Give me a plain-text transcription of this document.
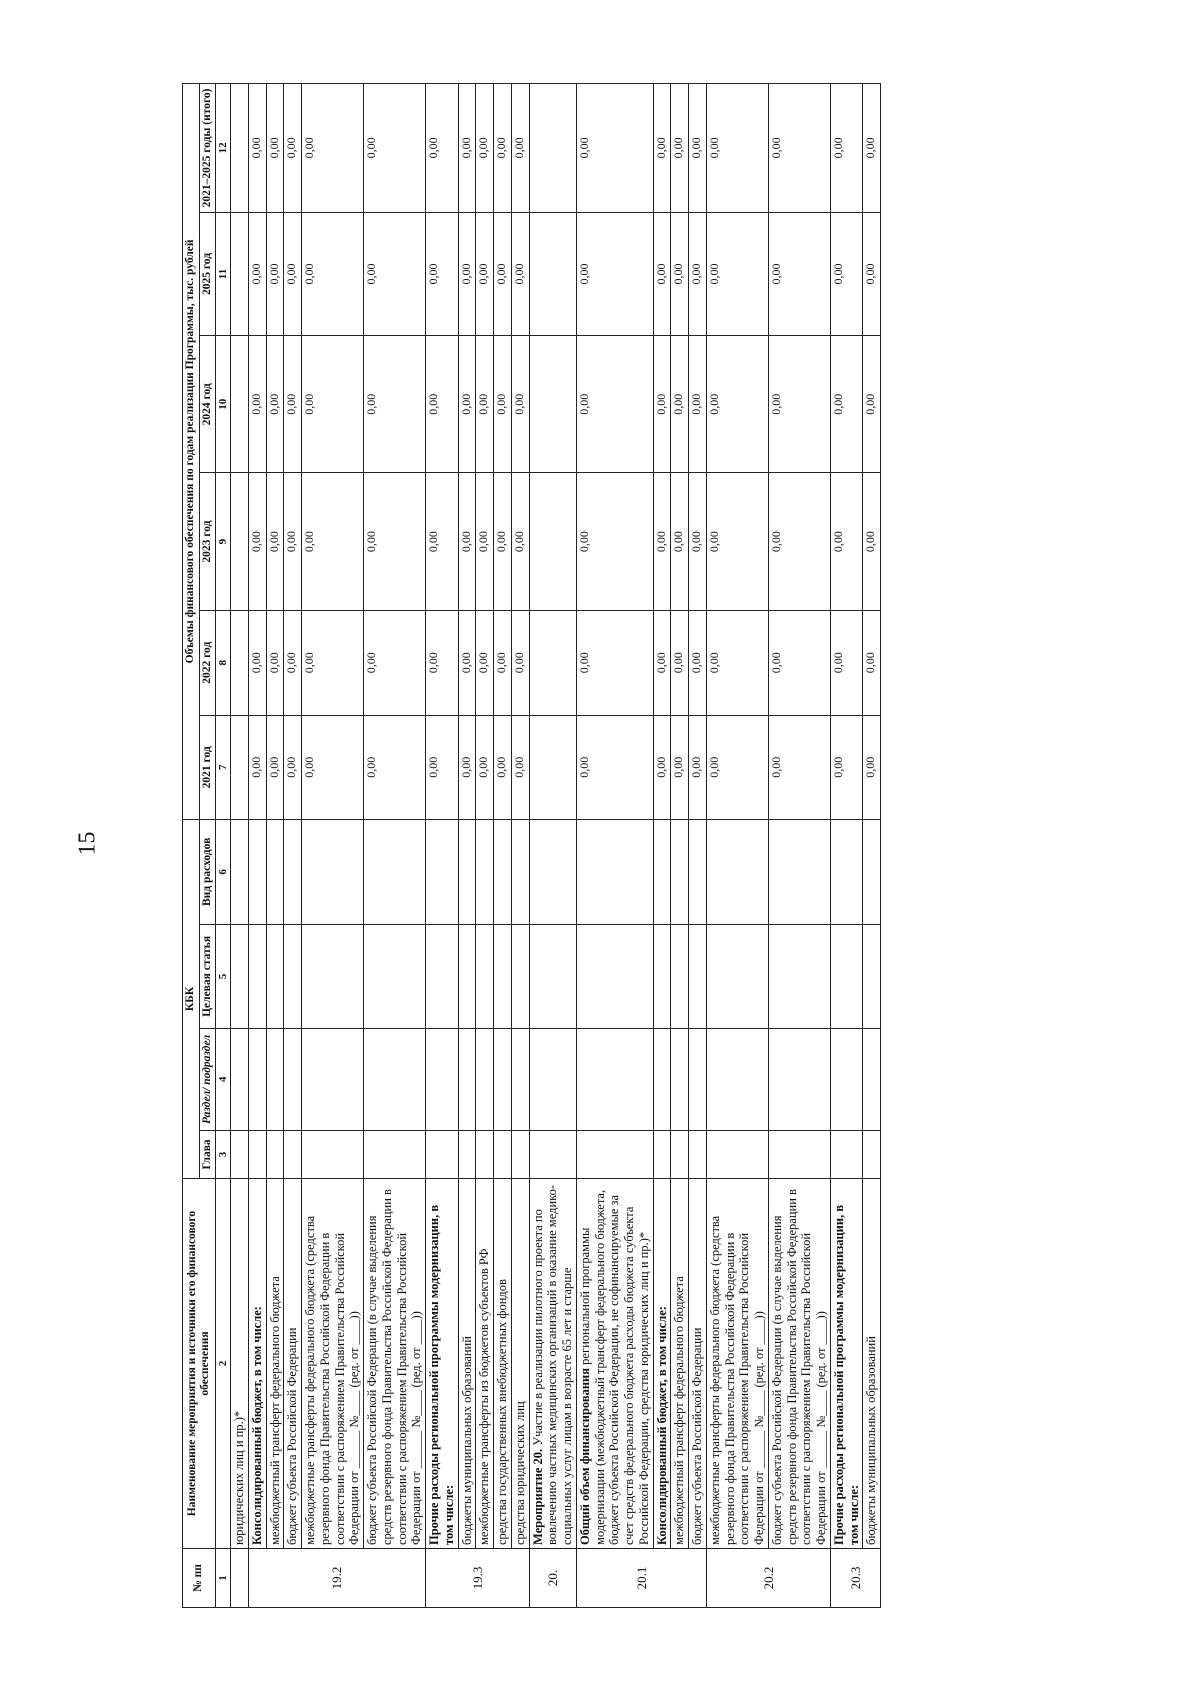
15
№ пп	Наименование мероприятия и источники его финансового обеспечения	КБК				Объемы финансового обеспечения по годам реализации Программы, тыс. рублей					
		Глава	Раздел/ подраздел	Целевая статья	Вид расходов	2021 год	2022 год	2023 год	2024 год	2025 год	2021–2025 годы (итого)

1	2	3	4	5	6	7	8	9	10	11	12
	юридических лиц и пр.)*										
19.2	Консолидированный бюджет, в том числе:					0,00	0,00	0,00	0,00	0,00	0,00
	межбюджетный трансферт федерального бюджета					0,00	0,00	0,00	0,00	0,00	0,00
	бюджет субъекта Российской Федерации					0,00	0,00	0,00	0,00	0,00	0,00
	межбюджетные трансферты федерального бюджета (средства резервного фонда Правительства Российской Федерации в соответствии с распоряжением Правительства Российской Федерации от ______ №____ (ред. от ____))					0,00	0,00	0,00	0,00	0,00	0,00
	бюджет субъекта Российской Федерации (в случае выделения средств резервного фонда Правительства Российской Федерации в соответствии с распоряжением Правительства Российской Федерации от ______ №____ (ред. от ____))					0,00	0,00	0,00	0,00	0,00	0,00
19.3	Прочие расходы региональной программы модернизации, в том числе:					0,00	0,00	0,00	0,00	0,00	0,00
	бюджеты муниципальных образований					0,00	0,00	0,00	0,00	0,00	0,00
	межбюджетные трансферты из бюджетов субъектов РФ					0,00	0,00	0,00	0,00	0,00	0,00
	средства государственных внебюджетных фондов					0,00	0,00	0,00	0,00	0,00	0,00
	средства юридических лиц					0,00	0,00	0,00	0,00	0,00	0,00
20.	Мероприятие 20. Участие в реализации пилотного проекта по вовлечению частных медицинских организаций в оказание медико-социальных услуг лицам в возрасте 65 лет и старше										
20.1	Общий объем финансирования региональной программы модернизации (межбюджетный трансферт федерального бюджета, бюджет субъекта Российской Федерации, не софинансируемые за счет средств федерального бюджета расходы бюджета субъекта Российской Федерации, средства юридических лиц и пр.)*					0,00	0,00	0,00	0,00	0,00	0,00
	Консолидированный бюджет, в том числе:					0,00	0,00	0,00	0,00	0,00	0,00
	межбюджетный трансферт федерального бюджета					0,00	0,00	0,00	0,00	0,00	0,00
	бюджет субъекта Российской Федерации					0,00	0,00	0,00	0,00	0,00	0,00
20.2	межбюджетные трансферты федерального бюджета (средства резервного фонда Правительства Российской Федерации в соответствии с распоряжением Правительства Российской Федерации от ______ №____ (ред. от ____))					0,00	0,00	0,00	0,00	0,00	0,00
	бюджет субъекта Российской Федерации (в случае выделения средств резервного фонда Правительства Российской Федерации в соответствии с распоряжением Правительства Российской Федерации от ______ №____ (ред. от ____))					0,00	0,00	0,00	0,00	0,00	0,00
20.3	Прочие расходы региональной программы модернизации, в том числе:					0,00	0,00	0,00	0,00	0,00	0,00
	бюджеты муниципальных образований					0,00	0,00	0,00	0,00	0,00	0,00
